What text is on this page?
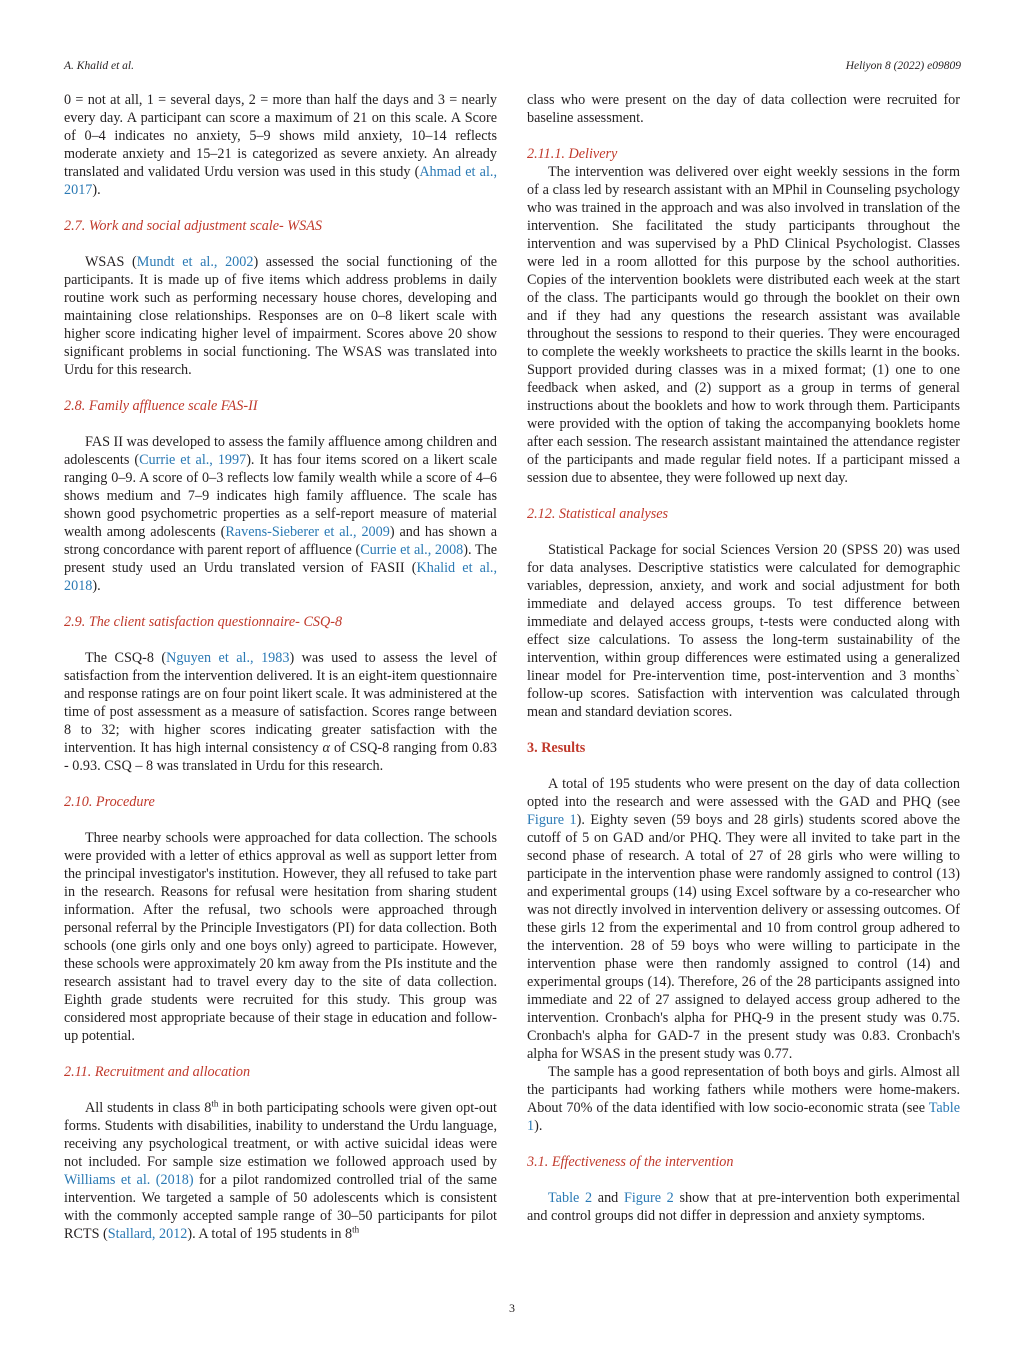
A. Khalid et al.	Heliyon 8 (2022) e09809

0 = not at all, 1 = several days, 2 = more than half the days and 3 = nearly every day. A participant can score a maximum of 21 on this scale. A Score of 0–4 indicates no anxiety, 5–9 shows mild anxiety, 10–14 reflects moderate anxiety and 15–21 is categorized as severe anxiety. An already translated and validated Urdu version was used in this study (Ahmad et al., 2017).

2.7. Work and social adjustment scale- WSAS

WSAS (Mundt et al., 2002) assessed the social functioning of the participants. It is made up of five items which address problems in daily routine work such as performing necessary house chores, developing and maintaining close relationships. Responses are on 0–8 likert scale with higher score indicating higher level of impairment. Scores above 20 show significant problems in social functioning. The WSAS was translated into Urdu for this research.

2.8. Family affluence scale FAS-II

FAS II was developed to assess the family affluence among children and adolescents (Currie et al., 1997). It has four items scored on a likert scale ranging 0–9. A score of 0–3 reflects low family wealth while a score of 4–6 shows medium and 7–9 indicates high family affluence. The scale has shown good psychometric properties as a self-report measure of material wealth among adolescents (Ravens-Sieberer et al., 2009) and has shown a strong concordance with parent report of affluence (Currie et al., 2008). The present study used an Urdu translated version of FASII (Khalid et al., 2018).

2.9. The client satisfaction questionnaire- CSQ-8

The CSQ-8 (Nguyen et al., 1983) was used to assess the level of satisfaction from the intervention delivered. It is an eight-item questionnaire and response ratings are on four point likert scale. It was administered at the time of post assessment as a measure of satisfaction. Scores range between 8 to 32; with higher scores indicating greater satisfaction with the intervention. It has high internal consistency α of CSQ-8 ranging from 0.83 - 0.93. CSQ – 8 was translated in Urdu for this research.

2.10. Procedure

Three nearby schools were approached for data collection. The schools were provided with a letter of ethics approval as well as support letter from the principal investigator's institution. However, they all refused to take part in the research. Reasons for refusal were hesitation from sharing student information. After the refusal, two schools were approached through personal referral by the Principle Investigators (PI) for data collection. Both schools (one girls only and one boys only) agreed to participate. However, these schools were approximately 20 km away from the PIs institute and the research assistant had to travel every day to the site of data collection. Eighth grade students were recruited for this study. This group was considered most appropriate because of their stage in education and follow-up potential.

2.11. Recruitment and allocation

All students in class 8th in both participating schools were given opt-out forms. Students with disabilities, inability to understand the Urdu language, receiving any psychological treatment, or with active suicidal ideas were not included. For sample size estimation we followed approach used by Williams et al. (2018) for a pilot randomized controlled trial of the same intervention. We targeted a sample of 50 adolescents which is consistent with the commonly accepted sample range of 30–50 participants for pilot RCTS (Stallard, 2012). A total of 195 students in 8th

class who were present on the day of data collection were recruited for baseline assessment.

2.11.1. Delivery

The intervention was delivered over eight weekly sessions in the form of a class led by research assistant with an MPhil in Counseling psychology who was trained in the approach and was also involved in translation of the intervention. She facilitated the study participants throughout the intervention and was supervised by a PhD Clinical Psychologist. Classes were led in a room allotted for this purpose by the school authorities. Copies of the intervention booklets were distributed each week at the start of the class. The participants would go through the booklet on their own and if they had any questions the research assistant was available throughout the sessions to respond to their queries. They were encouraged to complete the weekly worksheets to practice the skills learnt in the books. Support provided during classes was in a mixed format; (1) one to one feedback when asked, and (2) support as a group in terms of general instructions about the booklets and how to work through them. Participants were provided with the option of taking the accompanying booklets home after each session. The research assistant maintained the attendance register of the participants and made regular field notes. If a participant missed a session due to absentee, they were followed up next day.

2.12. Statistical analyses

Statistical Package for social Sciences Version 20 (SPSS 20) was used for data analyses. Descriptive statistics were calculated for demographic variables, depression, anxiety, and work and social adjustment for both immediate and delayed access groups. To test difference between immediate and delayed access groups, t-tests were conducted along with effect size calculations. To assess the long-term sustainability of the intervention, within group differences were estimated using a generalized linear model for Pre-intervention time, post-intervention and 3 months` follow-up scores. Satisfaction with intervention was calculated through mean and standard deviation scores.

3. Results

A total of 195 students who were present on the day of data collection opted into the research and were assessed with the GAD and PHQ (see Figure 1). Eighty seven (59 boys and 28 girls) students scored above the cutoff of 5 on GAD and/or PHQ. They were all invited to take part in the second phase of research. A total of 27 of 28 girls who were willing to participate in the intervention phase were randomly assigned to control (13) and experimental groups (14) using Excel software by a co-researcher who was not directly involved in intervention delivery or assessing outcomes. Of these girls 12 from the experimental and 10 from control group adhered to the intervention. 28 of 59 boys who were willing to participate in the intervention phase were then randomly assigned to control (14) and experimental groups (14). Therefore, 26 of the 28 participants assigned into immediate and 22 of 27 assigned to delayed access group adhered to the intervention. Cronbach's alpha for PHQ-9 in the present study was 0.75. Cronbach's alpha for GAD-7 in the present study was 0.83. Cronbach's alpha for WSAS in the present study was 0.77.

The sample has a good representation of both boys and girls. Almost all the participants had working fathers while mothers were home-makers. About 70% of the data identified with low socio-economic strata (see Table 1).

3.1. Effectiveness of the intervention

Table 2 and Figure 2 show that at pre-intervention both experimental and control groups did not differ in depression and anxiety symptoms.

3
